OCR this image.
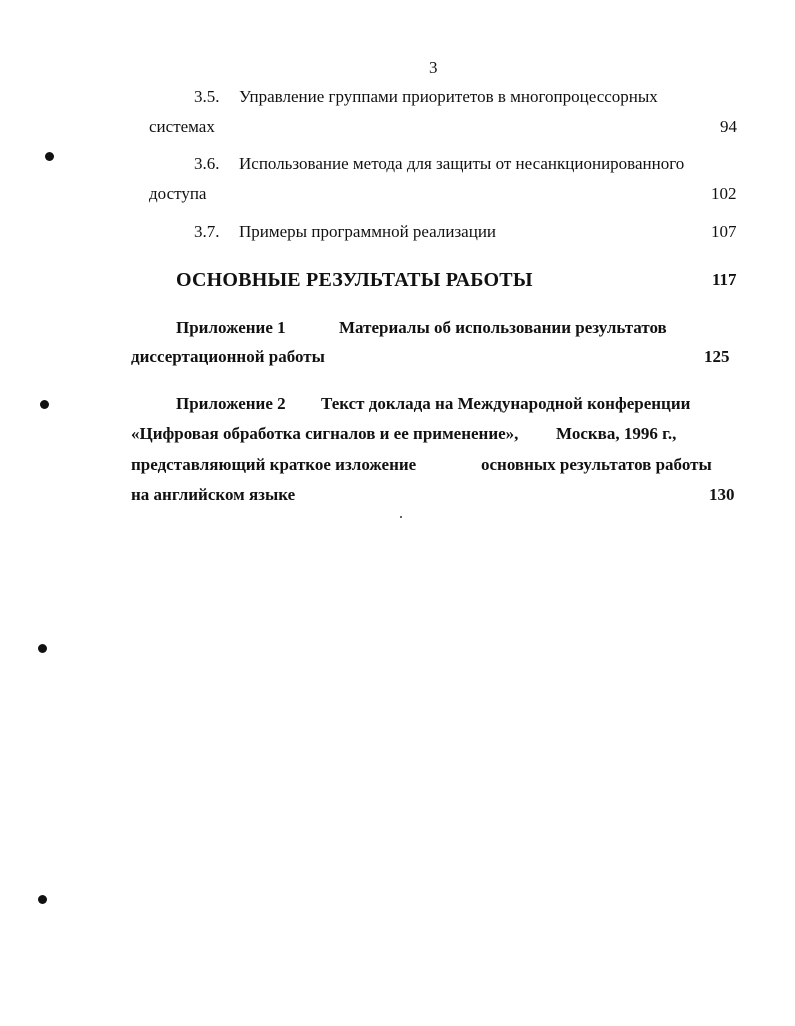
3
3.5. Управление группами приоритетов в многопроцессорных
системах	94
3.6. Использование метода для защиты от несанкционированного
доступа	102
3.7. Примеры программной реализации	107
ОСНОВНЫЕ РЕЗУЛЬТАТЫ РАБОТЫ	117
Приложение 1	Материалы об использовании результатов
диссертационной работы	125
Приложение 2 Текст доклада на Международной конференции
«Цифровая обработка сигналов и ее применение», Москва, 1996 г.,
представляющий краткое изложение	основных результатов работы
на английском языке	130
